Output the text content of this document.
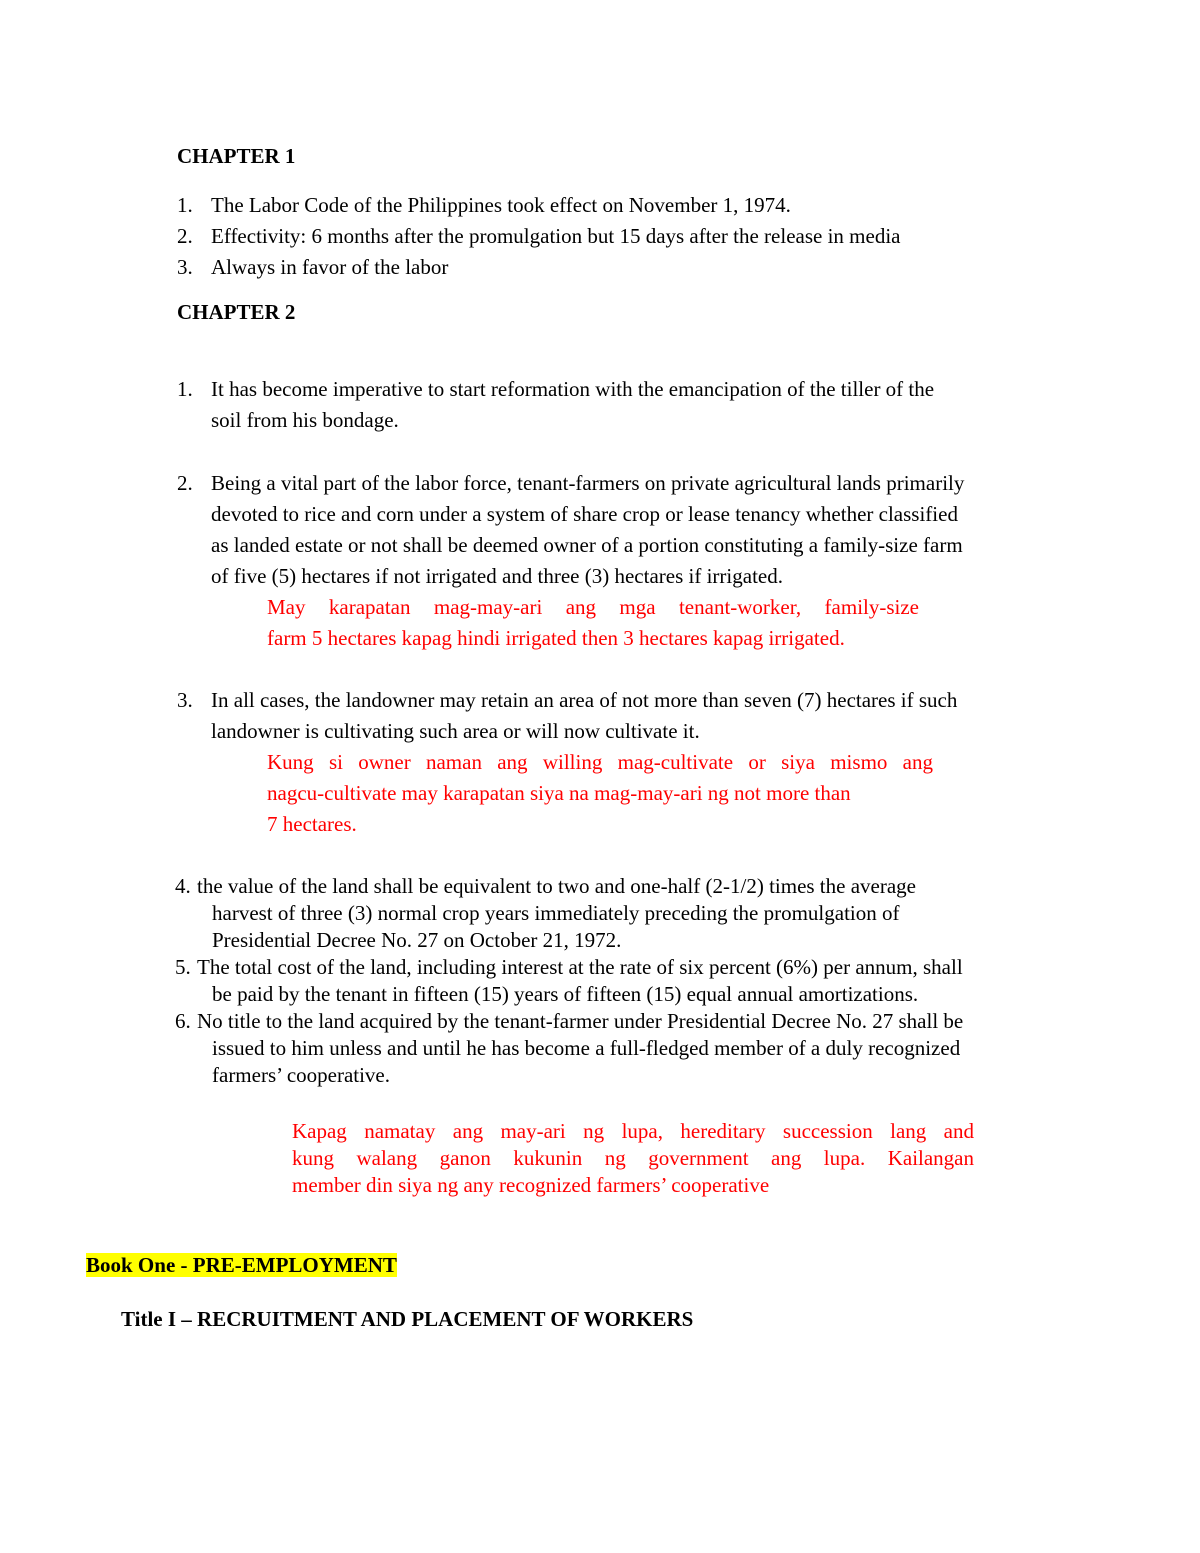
CHAPTER 1
1. The Labor Code of the Philippines took effect on November 1, 1974.
2. Effectivity: 6 months after the promulgation but 15 days after the release in media
3. Always in favor of the labor
CHAPTER 2
1. It has become imperative to start reformation with the emancipation of the tiller of the
soil from his bondage.
2. Being a vital part of the labor force, tenant-farmers on private agricultural lands primarily
devoted to rice and corn under a system of share crop or lease tenancy whether classified
as landed estate or not shall be deemed owner of a portion constituting a family-size farm
of five (5) hectares if not irrigated and three (3) hectares if irrigated.
May karapatan mag-may-ari ang mga tenant-worker, family-size
farm 5 hectares kapag hindi irrigated then 3 hectares kapag irrigated.
3. In all cases, the landowner may retain an area of not more than seven (7) hectares if such
landowner is cultivating such area or will now cultivate it.
Kung si owner naman ang willing mag-cultivate or siya mismo ang
nagcu-cultivate may karapatan siya na mag-may-ari ng not more than
7 hectares.
4. the value of the land shall be equivalent to two and one-half (2-1/2) times the average
harvest of three (3) normal crop years immediately preceding the promulgation of
Presidential Decree No. 27 on October 21, 1972.
5. The total cost of the land, including interest at the rate of six percent (6%) per annum, shall
be paid by the tenant in fifteen (15) years of fifteen (15) equal annual amortizations.
6. No title to the land acquired by the tenant-farmer under Presidential Decree No. 27 shall be
issued to him unless and until he has become a full-fledged member of a duly recognized
farmers’ cooperative.
Kapag namatay ang may-ari ng lupa, hereditary succession lang and
kung walang ganon kukunin ng government ang lupa. Kailangan
member din siya ng any recognized farmers’ cooperative
Book One - PRE-EMPLOYMENT
Title I – RECRUITMENT AND PLACEMENT OF WORKERS
